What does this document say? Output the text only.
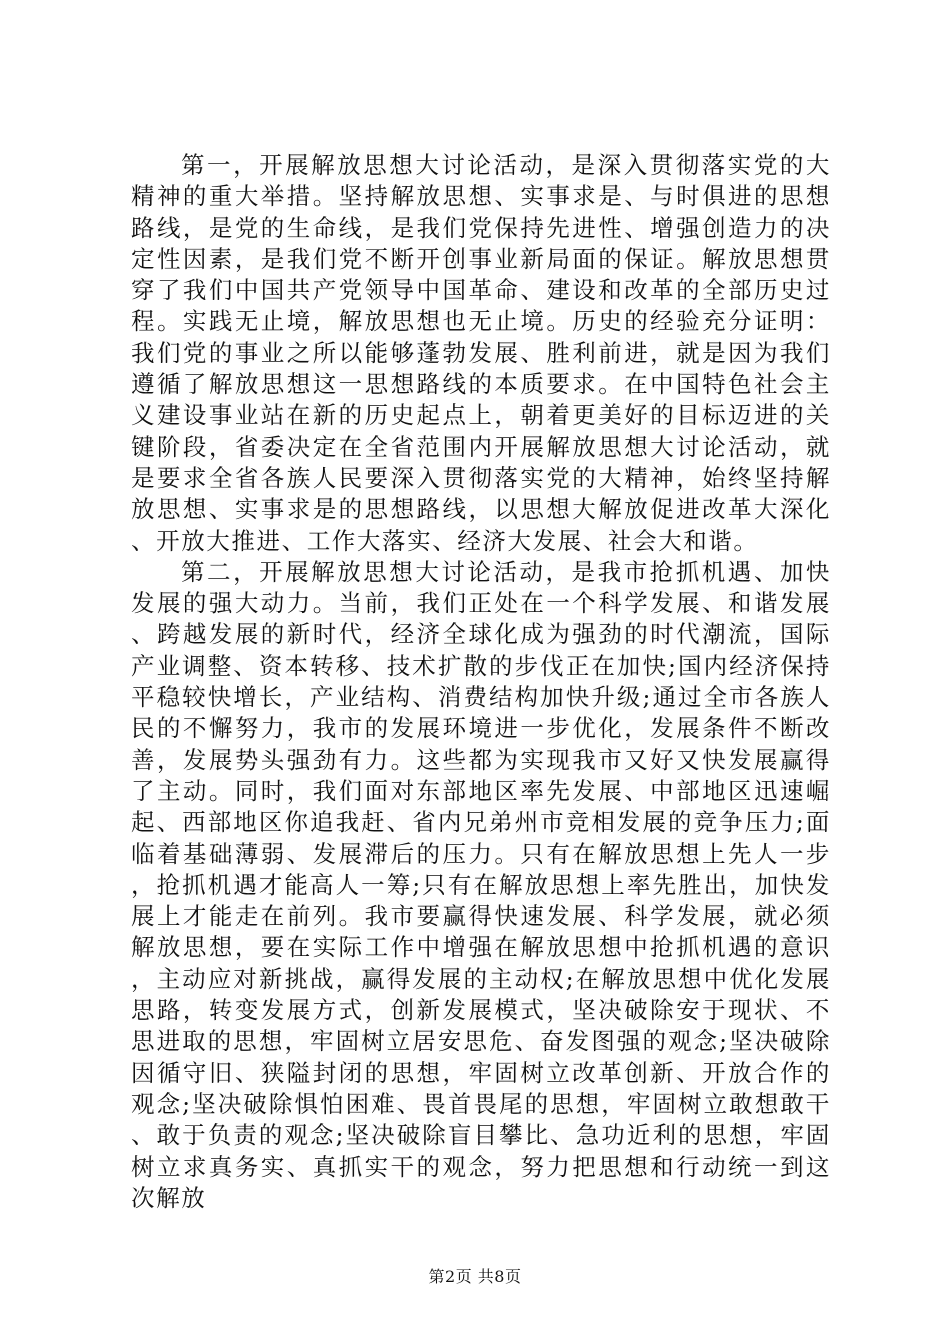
第一，开展解放思想大讨论活动，是深入贯彻落实党的大精神的重大举措。坚持解放思想、实事求是、与时俱进的思想路线，是党的生命线，是我们党保持先进性、增强创造力的决定性因素，是我们党不断开创事业新局面的保证。解放思想贯穿了我们中国共产党领导中国革命、建设和改革的全部历史过程。实践无止境，解放思想也无止境。历史的经验充分证明：我们党的事业之所以能够蓬勃发展、胜利前进，就是因为我们遵循了解放思想这一思想路线的本质要求。在中国特色社会主义建设事业站在新的历史起点上，朝着更美好的目标迈进的关键阶段，省委决定在全省范围内开展解放思想大讨论活动，就是要求全省各族人民要深入贯彻落实党的大精神，始终坚持解放思想、实事求是的思想路线，以思想大解放促进改革大深化、开放大推进、工作大落实、经济大发展、社会大和谐。

第二，开展解放思想大讨论活动，是我市抢抓机遇、加快发展的强大动力。当前，我们正处在一个科学发展、和谐发展、跨越发展的新时代，经济全球化成为强劲的时代潮流，国际产业调整、资本转移、技术扩散的步伐正在加快;国内经济保持平稳较快增长，产业结构、消费结构加快升级;通过全市各族人民的不懈努力，我市的发展环境进一步优化，发展条件不断改善，发展势头强劲有力。这些都为实现我市又好又快发展赢得了主动。同时，我们面对东部地区率先发展、中部地区迅速崛起、西部地区你追我赶、省内兄弟州市竞相发展的竞争压力;面临着基础薄弱、发展滞后的压力。只有在解放思想上先人一步，抢抓机遇才能高人一筹;只有在解放思想上率先胜出，加快发展上才能走在前列。我市要赢得快速发展、科学发展，就必须解放思想，要在实际工作中增强在解放思想中抢抓机遇的意识，主动应对新挑战，赢得发展的主动权;在解放思想中优化发展思路，转变发展方式，创新发展模式，坚决破除安于现状、不思进取的思想，牢固树立居安思危、奋发图强的观念;坚决破除因循守旧、狭隘封闭的思想，牢固树立改革创新、开放合作的观念;坚决破除惧怕困难、畏首畏尾的思想，牢固树立敢想敢干、敢于负责的观念;坚决破除盲目攀比、急功近利的思想，牢固树立求真务实、真抓实干的观念，努力把思想和行动统一到这次解放

第2页 共8页
